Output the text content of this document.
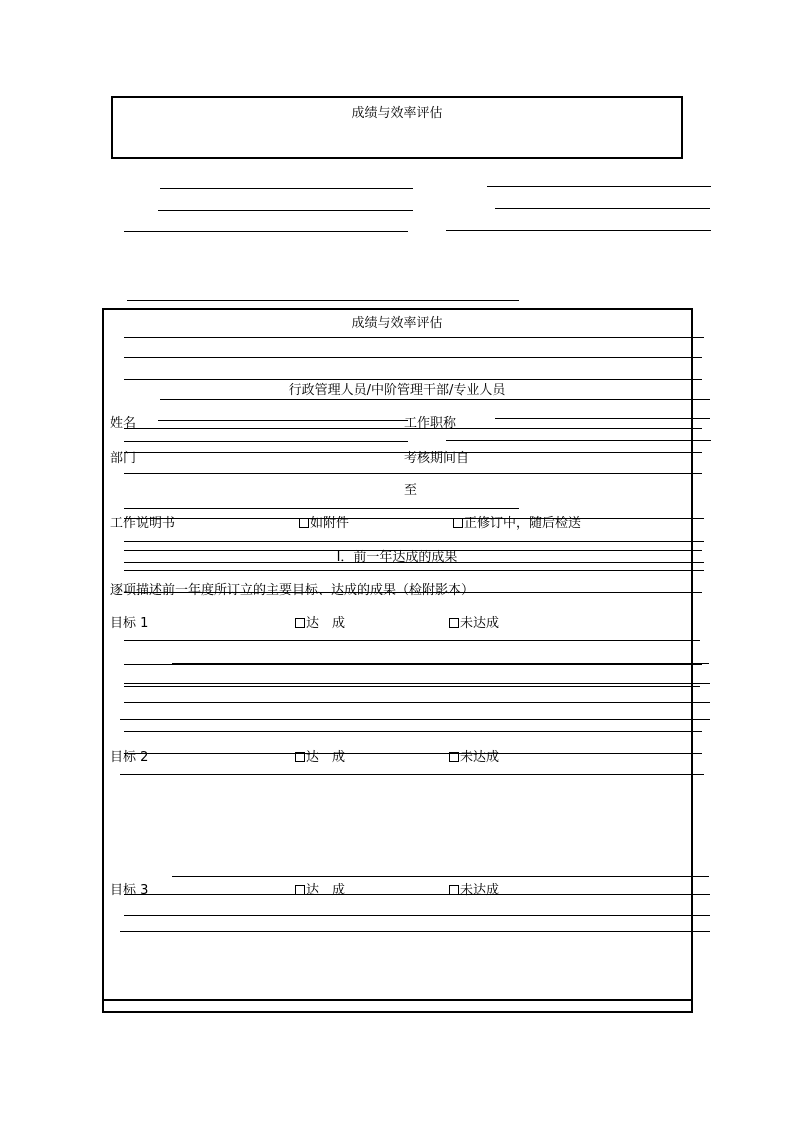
成绩与效率评估
成绩与效率评估
行政管理人员/中阶管理干部/专业人员
姓名	工作职称
部门	考核期间自
至
工作说明书	如附件	正修订中，随后检送
I．前一年达成的成果
逐项描述前一年度所订立的主要目标、达成的成果（检附影本）
目标 1	达　成	未达成
目标 2	达　成	未达成
目标 3	达　成	未达成
